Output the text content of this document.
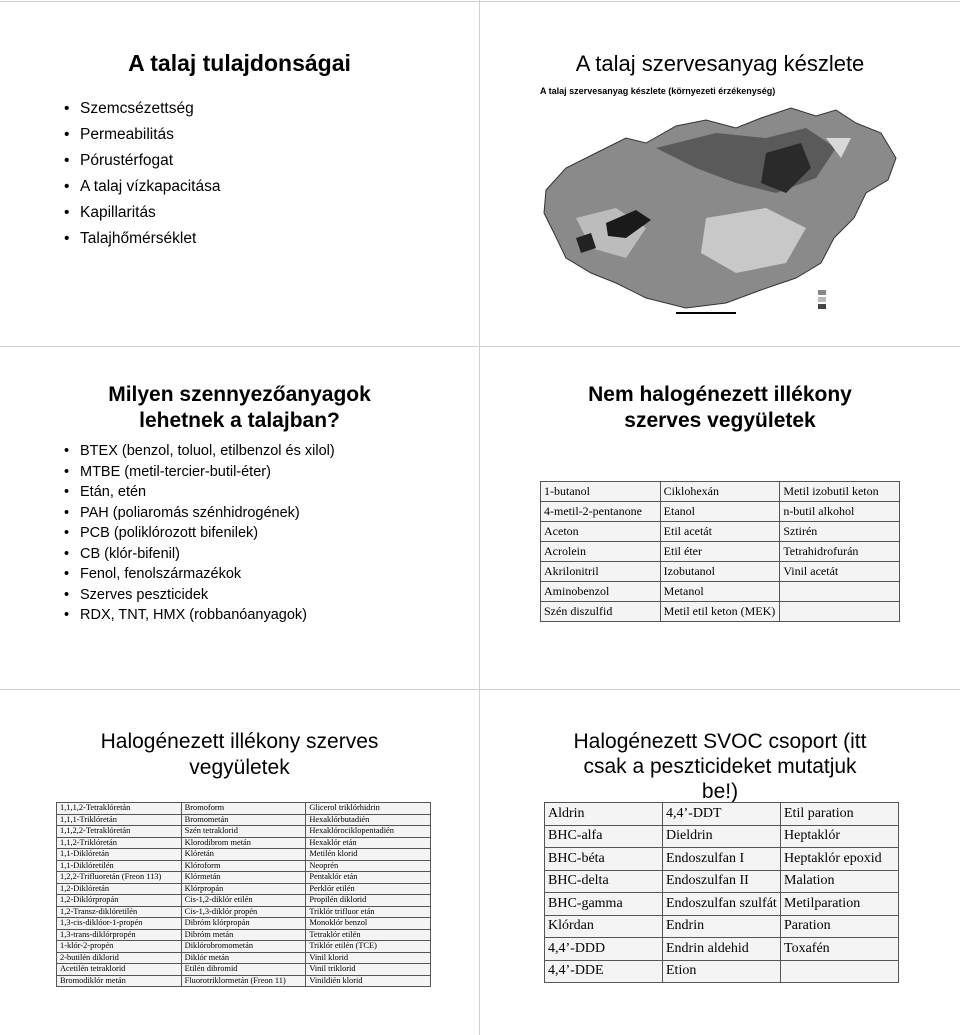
A talaj tulajdonságai
• Szemcsézettség
• Permeabilitás
• Pórustérfogat
• A talaj vízkapacitása
• Kapillaritás
• Talajhőmérséklet
A talaj szervesanyag készlete
A talaj szervesanyag készlete (környezeti érzékenység)
Milyen szennyezőanyagok
lehetnek a talajban?
• BTEX (benzol, toluol, etilbenzol és xilol)
• MTBE (metil-tercier-butil-éter)
• Etán, etén
• PAH (poliaromás szénhidrogének)
• PCB (poliklórozott bifenilek)
• CB (klór-bifenil)
• Fenol, fenolszármazékok
• Szerves peszticidek
• RDX, TNT, HMX (robbanóanyagok)
Nem halogénezett illékony
szerves vegyületek
1-butanol	Ciklohexán	Metil izobutil keton
4-metil-2-pentanone	Etanol	n-butil alkohol
Aceton	Etil acetát	Sztirén
Acrolein	Etil éter	Tetrahidrofurán
Akrilonitril	Izobutanol	Vinil acetát
Aminobenzol	Metanol	
Szén diszulfid	Metil etil keton (MEK)	
Halogénezett illékony szerves
vegyületek
1,1,1,2-Tetraklóretán	Bromoform	Glicerol triklórhidrin
1,1,1-Triklóretán	Bromometán	Hexaklórbutadién
1,1,2,2-Tetraklóretán	Szén tetraklorid	Hexaklórociklopentadién
1,1,2-Triklóretán	Klorodibrom metán	Hexaklór etán
1,1-Diklóretán	Klóretán	Metilén klorid
1,1-Diklóretilén	Klóroform	Neoprén
1,2,2-Trifluoretán (Freon 113)	Klórmetán	Pentaklór etán
1,2-Diklóretán	Klórpropán	Perklór etilén
1,2-Diklórpropán	Cis-1,2-diklór etilén	Propilén diklorid
1,2-Transz-diklóretilén	Cis-1,3-diklór propén	Triklór trifluor etán
1,3-cis-diklóor-1-propén	Dibróm klórpropán	Monoklór benzol
1,3-trans-diklórpropén	Dibróm metán	Tetraklór etilén
1-klór-2-propén	Diklórobromometán	Triklór etilén (TCE)
2-butilén diklorid	Diklór metán	Vinil klorid
Acetilén tetraklorid	Etilén dibromid	Vinil triklorid
Bromodiklór metán	Fluorotriklormetán (Freon 11)	Vinildién klorid
Halogénezett SVOC csoport (itt
csak a peszticideket mutatjuk
be!)
Aldrin	4,4’-DDT	Etil paration
BHC-alfa	Dieldrin	Heptaklór
BHC-béta	Endoszulfan I	Heptaklór epoxid
BHC-delta	Endoszulfan II	Malation
BHC-gamma	Endoszulfan szulfát	Metilparation
Klórdan	Endrin	Paration
4,4’-DDD	Endrin aldehid	Toxafén
4,4’-DDE	Etion	
